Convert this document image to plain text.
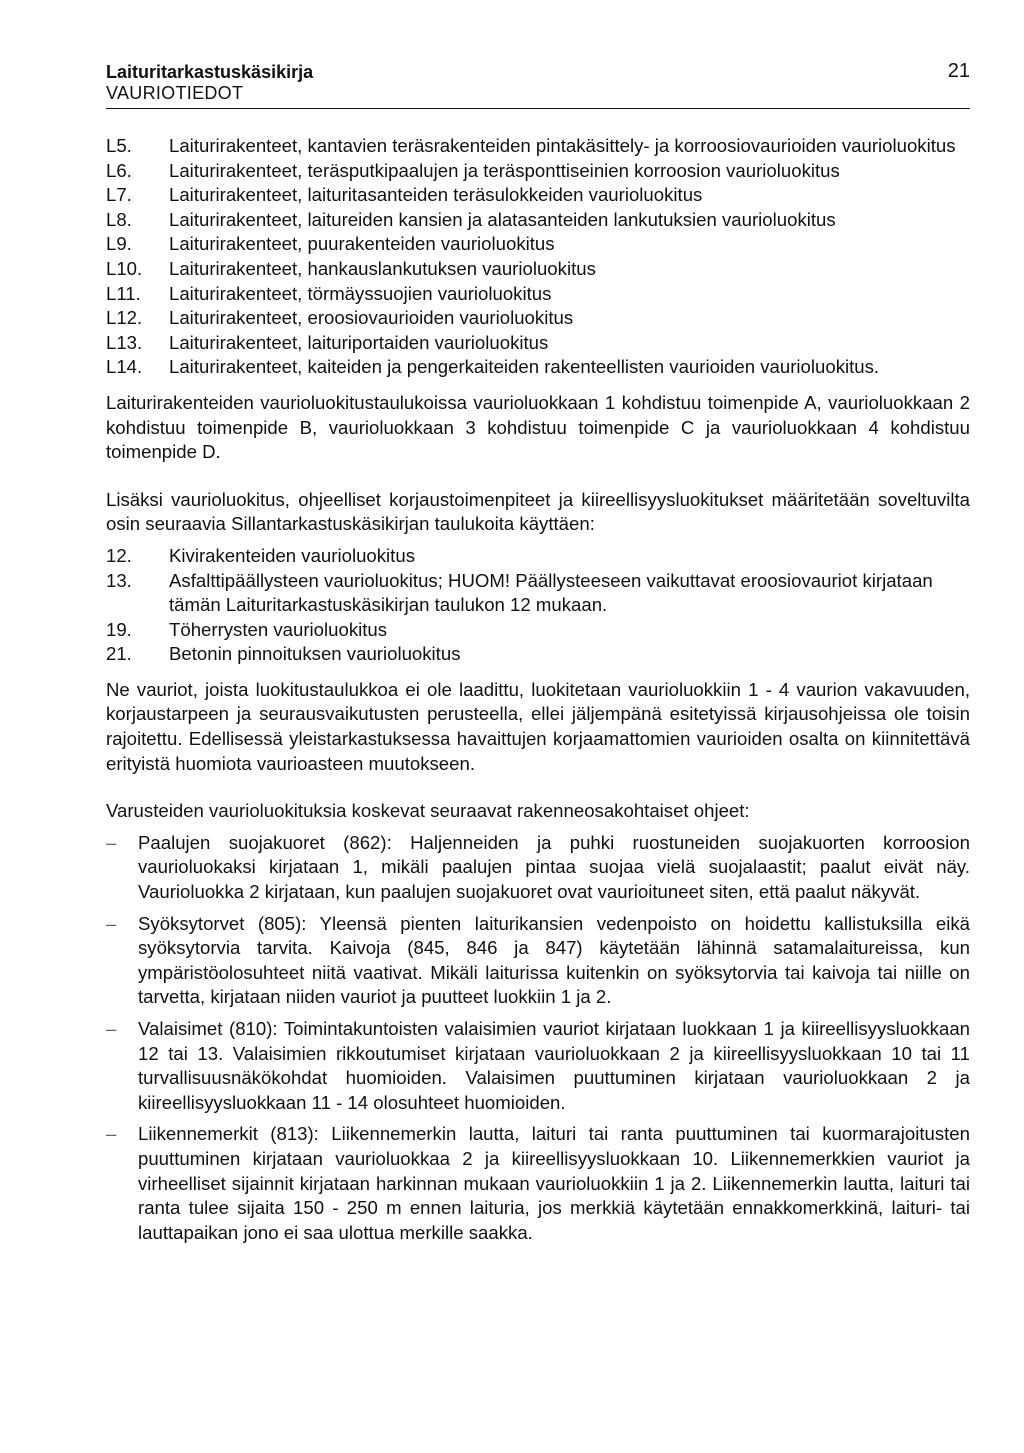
Laituritarkastuskäsikirja	21
VAURIOTIEDOT
L5.	Laiturirakenteet, kantavien teräsrakenteiden pintakäsittely- ja korroosiovaurioiden vaurioluokitus
L6.	Laiturirakenteet, teräsputkipaalujen ja teräsponttiseinien korroosion vaurioluokitus
L7.	Laiturirakenteet, laituritasanteiden teräsulokkeiden vaurioluokitus
L8.	Laiturirakenteet, laitureiden kansien ja alatasanteiden lankutuksien vaurioluokitus
L9.	Laiturirakenteet, puurakenteiden vaurioluokitus
L10.	Laiturirakenteet, hankauslankutuksen vaurioluokitus
L11.	Laiturirakenteet, törmäyssuojien vaurioluokitus
L12.	Laiturirakenteet, eroosiovaurioiden vaurioluokitus
L13.	Laiturirakenteet, laituriportaiden vaurioluokitus
L14.	Laiturirakenteet, kaiteiden ja pengerkaiteiden rakenteellisten vaurioiden vaurioluokitus.

Laiturirakenteiden vaurioluokitustaulukoissa vaurioluokkaan 1 kohdistuu toimenpide A, vaurioluokkaan 2 kohdistuu toimenpide B, vaurioluokkaan 3 kohdistuu toimenpide C ja vaurioluokkaan 4 kohdistuu toimenpide D.

Lisäksi vaurioluokitus, ohjeelliset korjaustoimenpiteet ja kiireellisyysluokitukset määritetään soveltuvilta osin seuraavia Sillantarkastuskäsikirjan taulukoita käyttäen:

12.	Kivirakenteiden vaurioluokitus
13.	Asfalttipäällysteen vaurioluokitus; HUOM! Päällysteeseen vaikuttavat eroosiovauriot kirjataan tämän Laituritarkastuskäsikirjan taulukon 12 mukaan.
19.	Töherrysten vaurioluokitus
21.	Betonin pinnoituksen vaurioluokitus

Ne vauriot, joista luokitustaulukkoa ei ole laadittu, luokitetaan vaurioluokkiin 1 - 4 vaurion vakavuuden, korjaustarpeen ja seurausvaikutusten perusteella, ellei jäljempänä esitetyissä kirjausohjeissa ole toisin rajoitettu. Edellisessä yleistarkastuksessa havaittujen korjaamattomien vaurioiden osalta on kiinnitettävä erityistä huomiota vaurioasteen muutokseen.

Varusteiden vaurioluokituksia koskevat seuraavat rakenneosakohtaiset ohjeet:

–	Paalujen suojakuoret (862): Haljenneiden ja puhki ruostuneiden suojakuorten korroosion vaurioluokaksi kirjataan 1, mikäli paalujen pintaa suojaa vielä suojalaastit; paalut eivät näy. Vaurioluokka 2 kirjataan, kun paalujen suojakuoret ovat vaurioituneet siten, että paalut näkyvät.
–	Syöksytorvet (805): Yleensä pienten laiturikansien vedenpoisto on hoidettu kallistuksilla eikä syöksytorvia tarvita. Kaivoja (845, 846 ja 847) käytetään lähinnä satamalaitureissa, kun ympäristöolosuhteet niitä vaativat. Mikäli laiturissa kuitenkin on syöksytorvia tai kaivoja tai niille on tarvetta, kirjataan niiden vauriot ja puutteet luokkiin 1 ja 2.
–	Valaisimet (810): Toimintakuntoisten valaisimien vauriot kirjataan luokkaan 1 ja kiireellisyysluokkaan 12 tai 13. Valaisimien rikkoutumiset kirjataan vaurioluokkaan 2 ja kiireellisyysluokkaan 10 tai 11 turvallisuusnäkökohdat huomioiden. Valaisimen puuttuminen kirjataan vaurioluokkaan 2 ja kiireellisyysluokkaan 11 - 14 olosuhteet huomioiden.
–	Liikennemerkit (813): Liikennemerkin lautta, laituri tai ranta puuttuminen tai kuormarajoitusten puuttuminen kirjataan vaurioluokkaa 2 ja kiireellisyysluokkaan 10. Liikennemerkkien vauriot ja virheelliset sijainnit kirjataan harkinnan mukaan vaurioluokkiin 1 ja 2. Liikennemerkin lautta, laituri tai ranta tulee sijaita 150 - 250 m ennen laituria, jos merkkiä käytetään ennakkomerkkinä, laituri- tai lauttapaikan jono ei saa ulottua merkille saakka.
